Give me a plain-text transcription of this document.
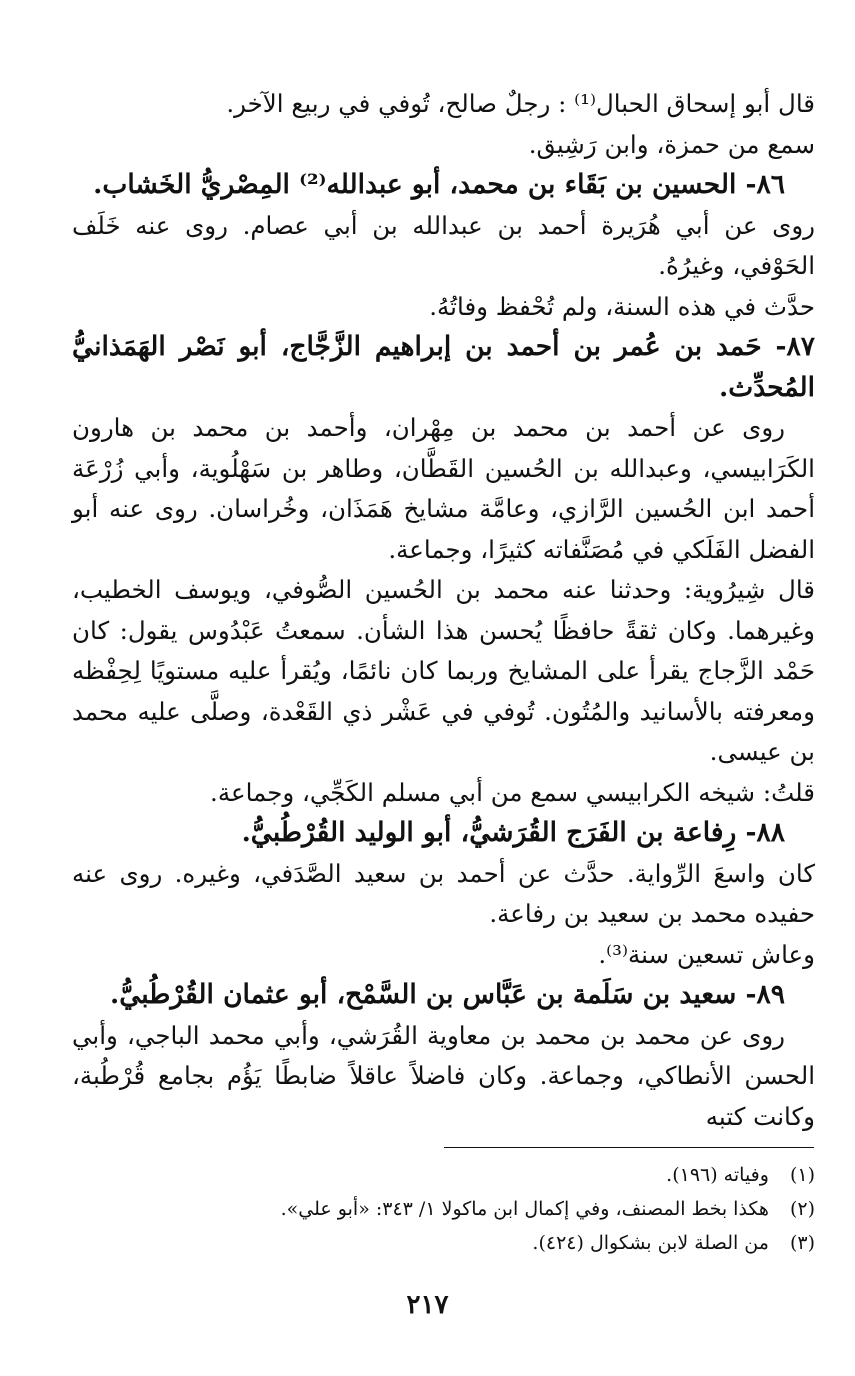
قال أبو إسحاق الحبال⁽¹⁾ : رجلٌ صالح، تُوفي في ربيع الآخر.

سمع من حمزة، وابن رَشِيق.

٨٦- الحسين بن بَقَاء بن محمد، أبو عبدالله⁽²⁾ المِصْريُّ الخَشاب.

روى عن أبي هُرَيرة أحمد بن عبدالله بن أبي عصام. روى عنه خَلَف الحَوْفي، وغيرُهُ.

حدَّث في هذه السنة، ولم تُحْفظ وفاتُهُ.

٨٧- حَمد بن عُمر بن أحمد بن إبراهيم الزَّجَّاج، أبو نَصْر الهَمَذانيُّ المُحدِّث.

روى عن أحمد بن محمد بن مِهْران، وأحمد بن محمد بن هارون الكَرَابيسي، وعبدالله بن الحُسين القَطَّان، وطاهر بن سَهْلُوية، وأبي زُرْعَة أحمد ابن الحُسين الرَّازي، وعامَّة مشايخ هَمَذَان، وخُراسان. روى عنه أبو الفضل الفَلَكي في مُصَنَّفاته كثيرًا، وجماعة.

قال شِيرُوية: وحدثنا عنه محمد بن الحُسين الصُّوفي، ويوسف الخطيب، وغيرهما. وكان ثقةً حافظًا يُحسن هذا الشأن. سمعتُ عَبْدُوس يقول: كان حَمْد الزَّجاج يقرأ على المشايخ وربما كان نائمًا، ويُقرأ عليه مستويًا لِحِفْظه ومعرفته بالأسانيد والمُتُون. تُوفي في عَشْر ذي القَعْدة، وصلَّى عليه محمد بن عيسى.

قلتُ: شيخه الكرابيسي سمع من أبي مسلم الكَجِّي، وجماعة.

٨٨- رِفاعة بن الفَرَج القُرَشيُّ، أبو الوليد القُرْطُبيُّ.

كان واسعَ الرِّواية. حدَّث عن أحمد بن سعيد الصَّدَفي، وغيره. روى عنه حفيده محمد بن سعيد بن رفاعة.

وعاش تسعين سنة⁽³⁾.

٨٩- سعيد بن سَلَمة بن عَبَّاس بن السَّمْح، أبو عثمان القُرْطُبيُّ.

روى عن محمد بن محمد بن معاوية القُرَشي، وأبي محمد الباجي، وأبي الحسن الأنطاكي، وجماعة. وكان فاضلاً عاقلاً ضابطًا يَؤُم بجامع قُرْطُبة، وكانت كتبه

(١) وفياته (١٩٦).

(٢) هكذا بخط المصنف، وفي إكمال ابن ماكولا ١/ ٣٤٣: «أبو علي».

(٣) من الصلة لابن بشكوال (٤٢٤).

٢١٧
